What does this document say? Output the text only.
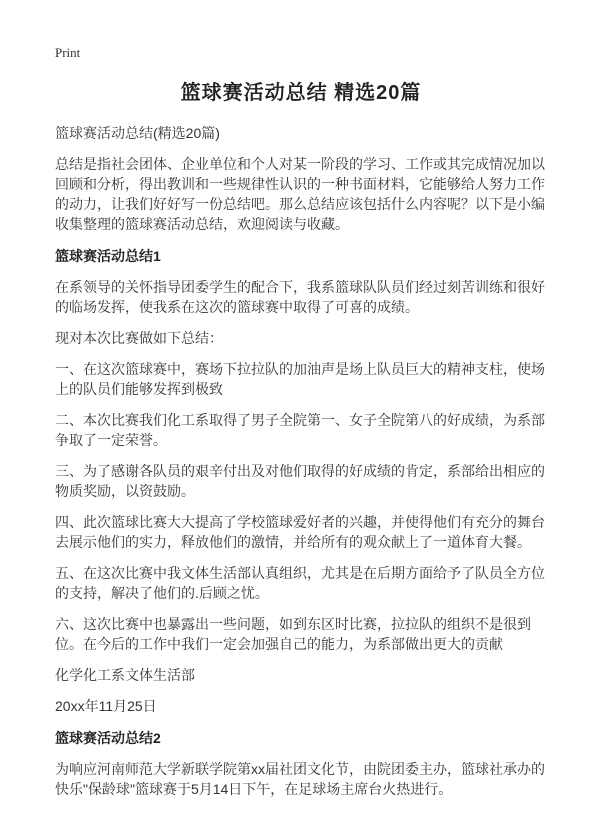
Print
篮球赛活动总结 精选20篇

篮球赛活动总结(精选20篇)

总结是指社会团体、企业单位和个人对某一阶段的学习、工作或其完成情况加以回顾和分析，得出教训和一些规律性认识的一种书面材料，它能够给人努力工作的动力，让我们好好写一份总结吧。那么总结应该包括什么内容呢？以下是小编收集整理的篮球赛活动总结，欢迎阅读与收藏。

篮球赛活动总结1

在系领导的关怀指导团委学生的配合下，我系篮球队队员们经过刻苦训练和很好的临场发挥，使我系在这次的篮球赛中取得了可喜的成绩。

现对本次比赛做如下总结：

一、在这次篮球赛中，赛场下拉拉队的加油声是场上队员巨大的精神支柱，使场上的队员们能够发挥到极致

二、本次比赛我们化工系取得了男子全院第一、女子全院第八的好成绩，为系部争取了一定荣誉。

三、为了感谢各队员的艰辛付出及对他们取得的好成绩的肯定，系部给出相应的物质奖励，以资鼓励。

四、此次篮球比赛大大提高了学校篮球爱好者的兴趣，并使得他们有充分的舞台去展示他们的实力，释放他们的激情，并给所有的观众献上了一道体育大餐。

五、在这次比赛中我文体生活部认真组织，尤其是在后期方面给予了队员全方位的支持，解决了他们的.后顾之忧。

六、这次比赛中也暴露出一些问题，如到东区时比赛，拉拉队的组织不是很到位。在今后的工作中我们一定会加强自己的能力，为系部做出更大的贡献

化学化工系文体生活部

20xx年11月25日

篮球赛活动总结2

为响应河南师范大学新联学院第xx届社团文化节，由院团委主办，篮球社承办的快乐"保龄球"篮球赛于5月14日下午，在足球场主席台火热进行。
